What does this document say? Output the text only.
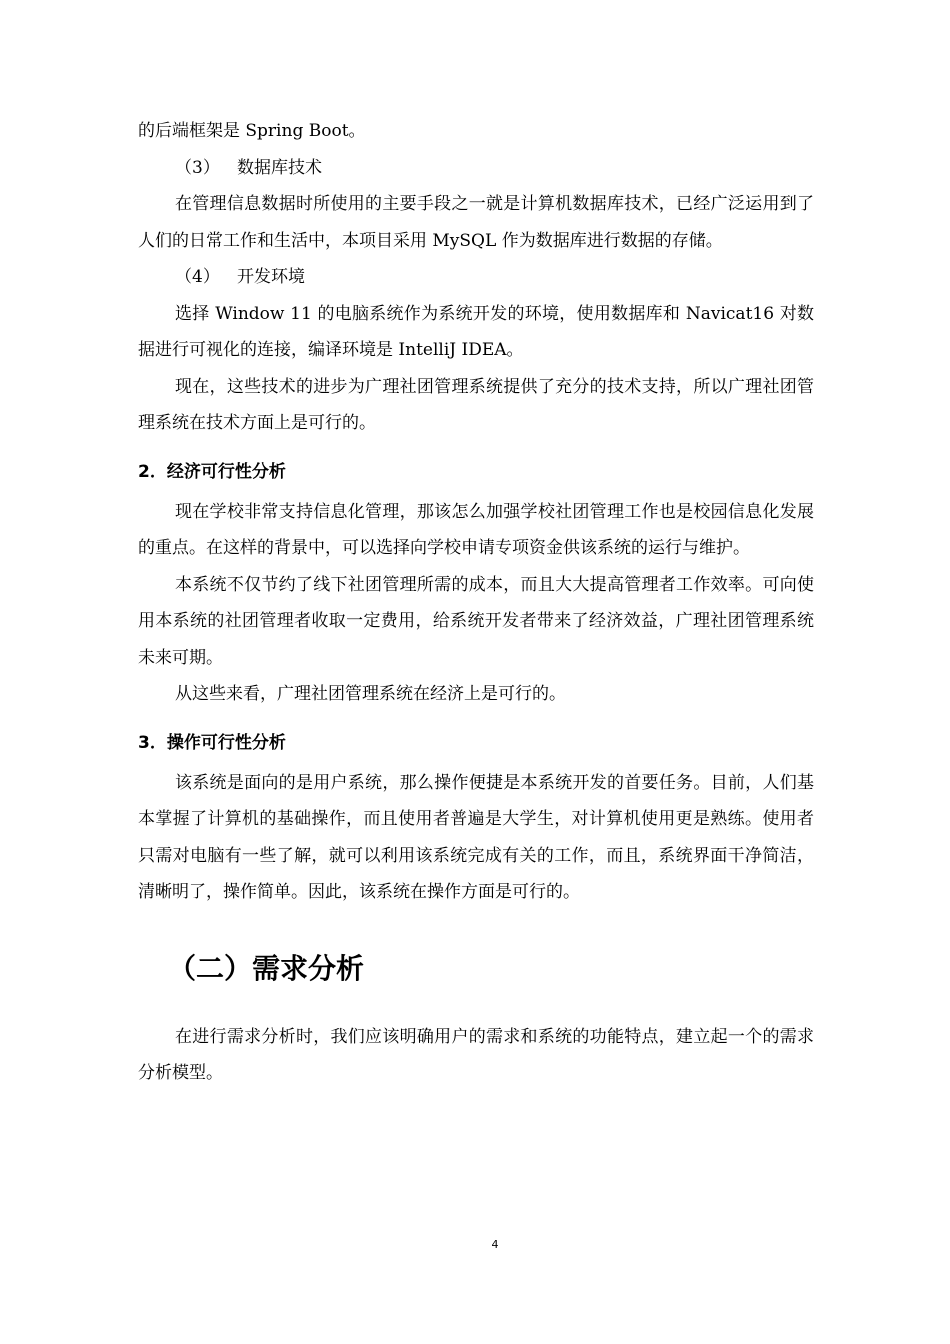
的后端框架是 Spring Boot。

（3） 数据库技术

在管理信息数据时所使用的主要手段之一就是计算机数据库技术，已经广泛运用到了人们的日常工作和生活中，本项目采用 MySQL 作为数据库进行数据的存储。

（4） 开发环境

选择 Window 11 的电脑系统作为系统开发的环境，使用数据库和 Navicat16 对数据进行可视化的连接，编译环境是 IntelliJ IDEA。

现在，这些技术的进步为广理社团管理系统提供了充分的技术支持，所以广理社团管理系统在技术方面上是可行的。

2．经济可行性分析

现在学校非常支持信息化管理，那该怎么加强学校社团管理工作也是校园信息化发展的重点。在这样的背景中，可以选择向学校申请专项资金供该系统的运行与维护。

本系统不仅节约了线下社团管理所需的成本，而且大大提高管理者工作效率。可向使用本系统的社团管理者收取一定费用，给系统开发者带来了经济效益，广理社团管理系统未来可期。

从这些来看，广理社团管理系统在经济上是可行的。

3．操作可行性分析

该系统是面向的是用户系统，那么操作便捷是本系统开发的首要任务。目前，人们基本掌握了计算机的基础操作，而且使用者普遍是大学生，对计算机使用更是熟练。使用者只需对电脑有一些了解，就可以利用该系统完成有关的工作，而且，系统界面干净简洁，清晰明了，操作简单。因此，该系统在操作方面是可行的。

（二）需求分析

在进行需求分析时，我们应该明确用户的需求和系统的功能特点，建立起一个的需求分析模型。

4
